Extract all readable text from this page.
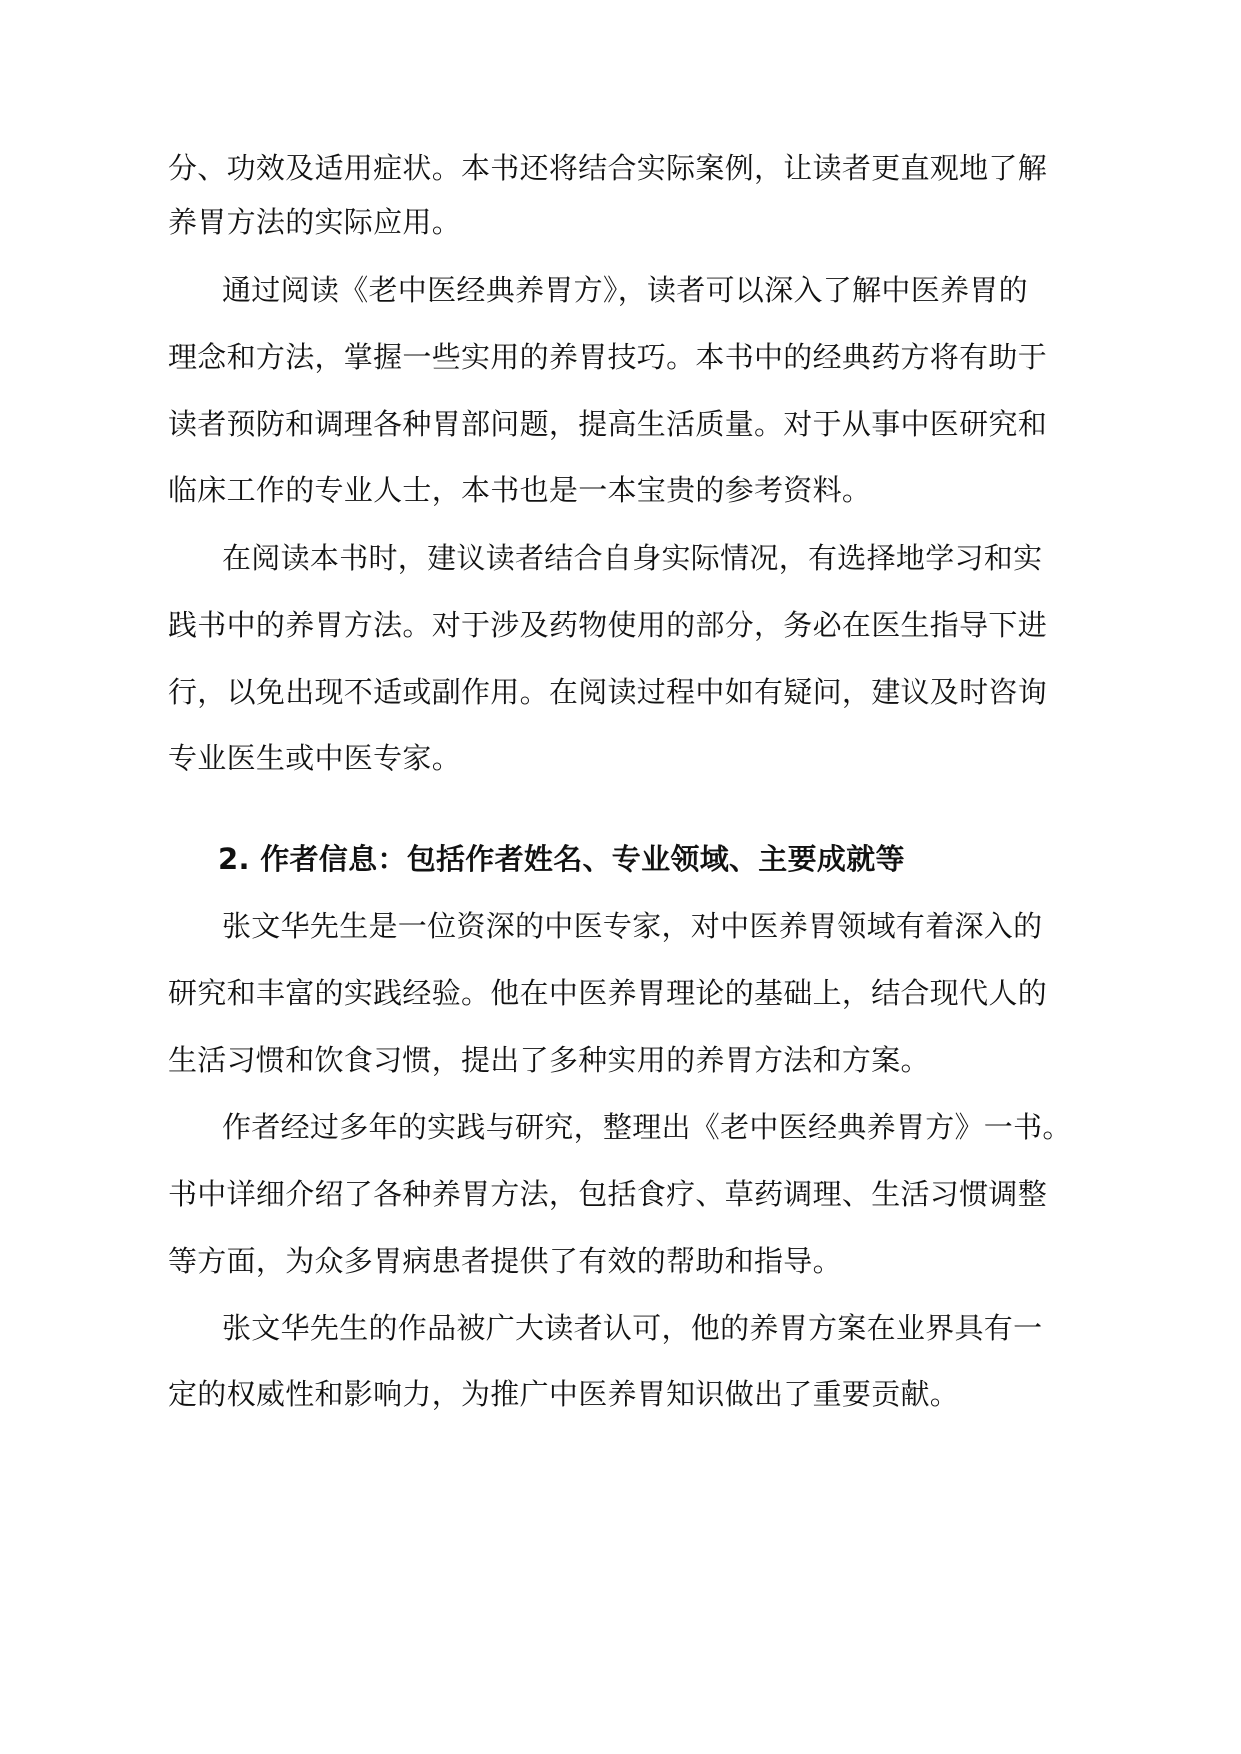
分、功效及适用症状。本书还将结合实际案例，让读者更直观地了解
养胃方法的实际应用。
通过阅读《老中医经典养胃方》，读者可以深入了解中医养胃的
理念和方法，掌握一些实用的养胃技巧。本书中的经典药方将有助于
读者预防和调理各种胃部问题，提高生活质量。对于从事中医研究和
临床工作的专业人士，本书也是一本宝贵的参考资料。
在阅读本书时，建议读者结合自身实际情况，有选择地学习和实
践书中的养胃方法。对于涉及药物使用的部分，务必在医生指导下进
行，以免出现不适或副作用。在阅读过程中如有疑问，建议及时咨询
专业医生或中医专家。
2. 作者信息：包括作者姓名、专业领域、主要成就等
张文华先生是一位资深的中医专家，对中医养胃领域有着深入的
研究和丰富的实践经验。他在中医养胃理论的基础上，结合现代人的
生活习惯和饮食习惯，提出了多种实用的养胃方法和方案。
作者经过多年的实践与研究，整理出《老中医经典养胃方》一书。
书中详细介绍了各种养胃方法，包括食疗、草药调理、生活习惯调整
等方面，为众多胃病患者提供了有效的帮助和指导。
张文华先生的作品被广大读者认可，他的养胃方案在业界具有一
定的权威性和影响力，为推广中医养胃知识做出了重要贡献。
